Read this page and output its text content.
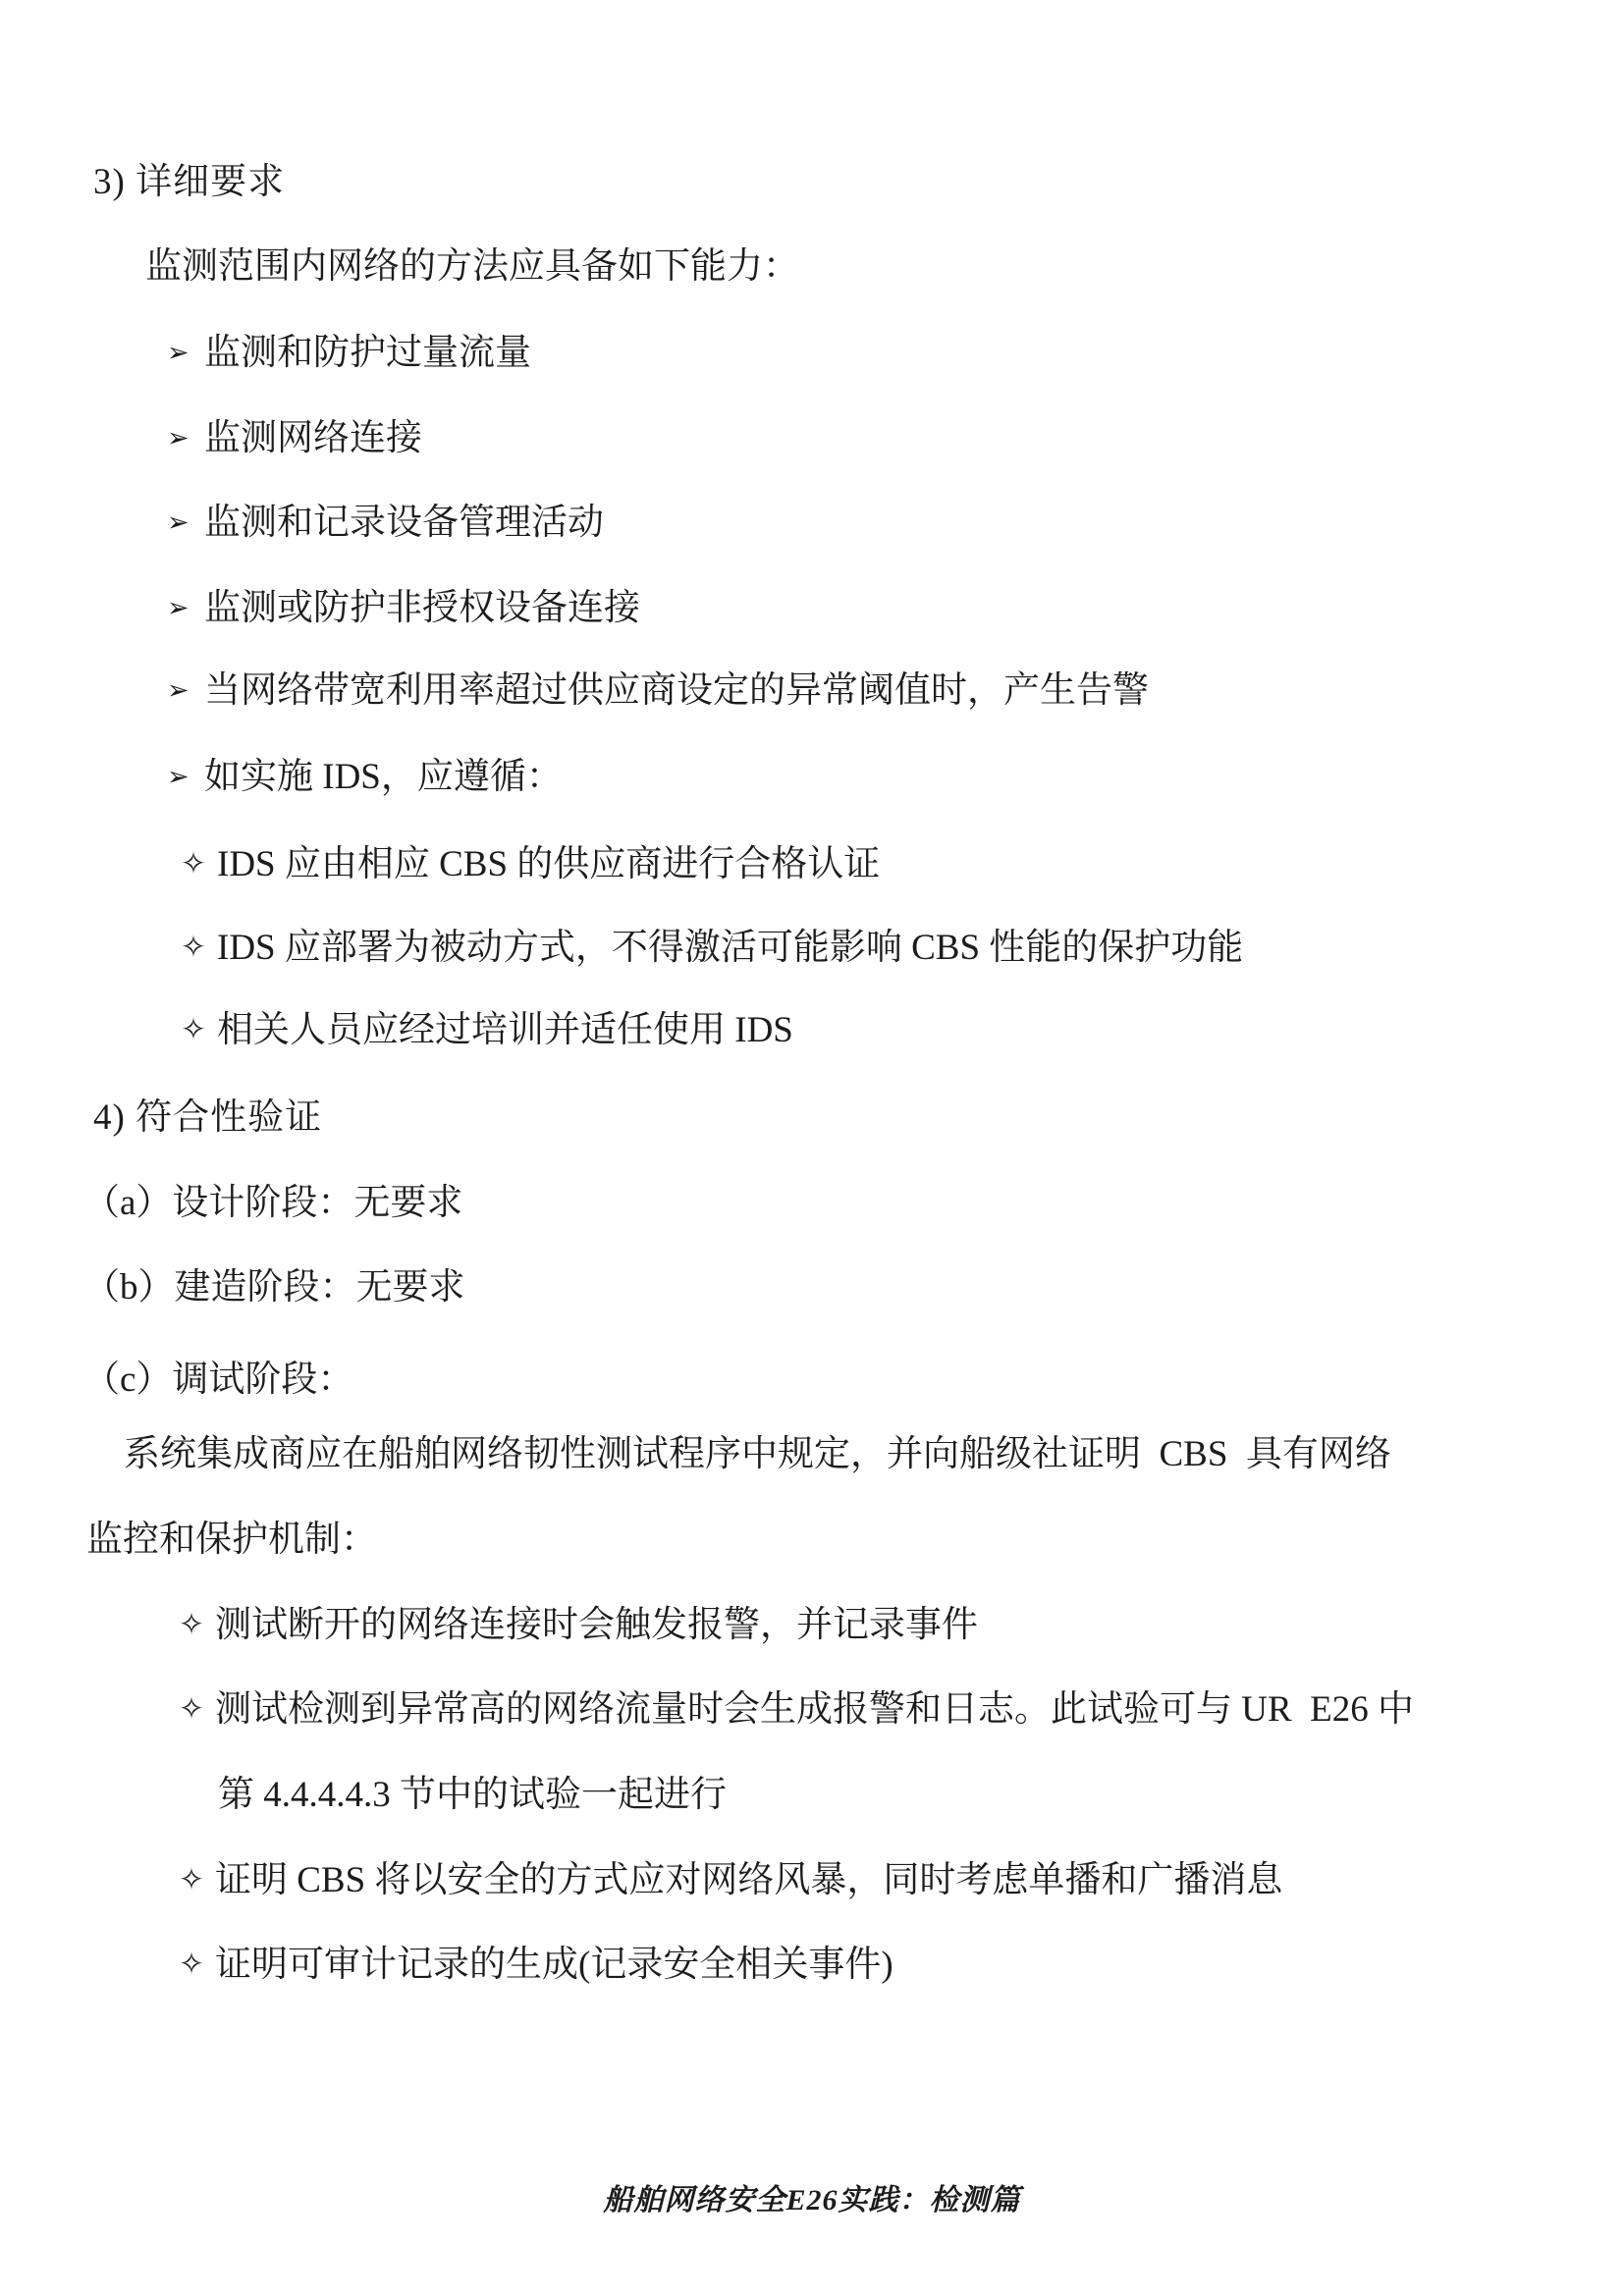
3) 详细要求
监测范围内网络的方法应具备如下能力：
➢ 监测和防护过量流量
➢ 监测网络连接
➢ 监测和记录设备管理活动
➢ 监测或防护非授权设备连接
➢ 当网络带宽利用率超过供应商设定的异常阈值时，产生告警
➢ 如实施 IDS，应遵循：
✧ IDS 应由相应 CBS 的供应商进行合格认证
✧ IDS 应部署为被动方式，不得激活可能影响 CBS 性能的保护功能
✧ 相关人员应经过培训并适任使用 IDS
4) 符合性验证
（a）设计阶段：无要求
（b）建造阶段：无要求
（c）调试阶段：
系统集成商应在船舶网络韧性测试程序中规定，并向船级社证明  CBS  具有网络
监控和保护机制：
✧ 测试断开的网络连接时会触发报警，并记录事件
✧ 测试检测到异常高的网络流量时会生成报警和日志。此试验可与 UR  E26 中
第 4.4.4.4.3 节中的试验一起进行
✧ 证明 CBS 将以安全的方式应对网络风暴，同时考虑单播和广播消息
✧ 证明可审计记录的生成(记录安全相关事件)
船舶网络安全E26实践：检测篇
